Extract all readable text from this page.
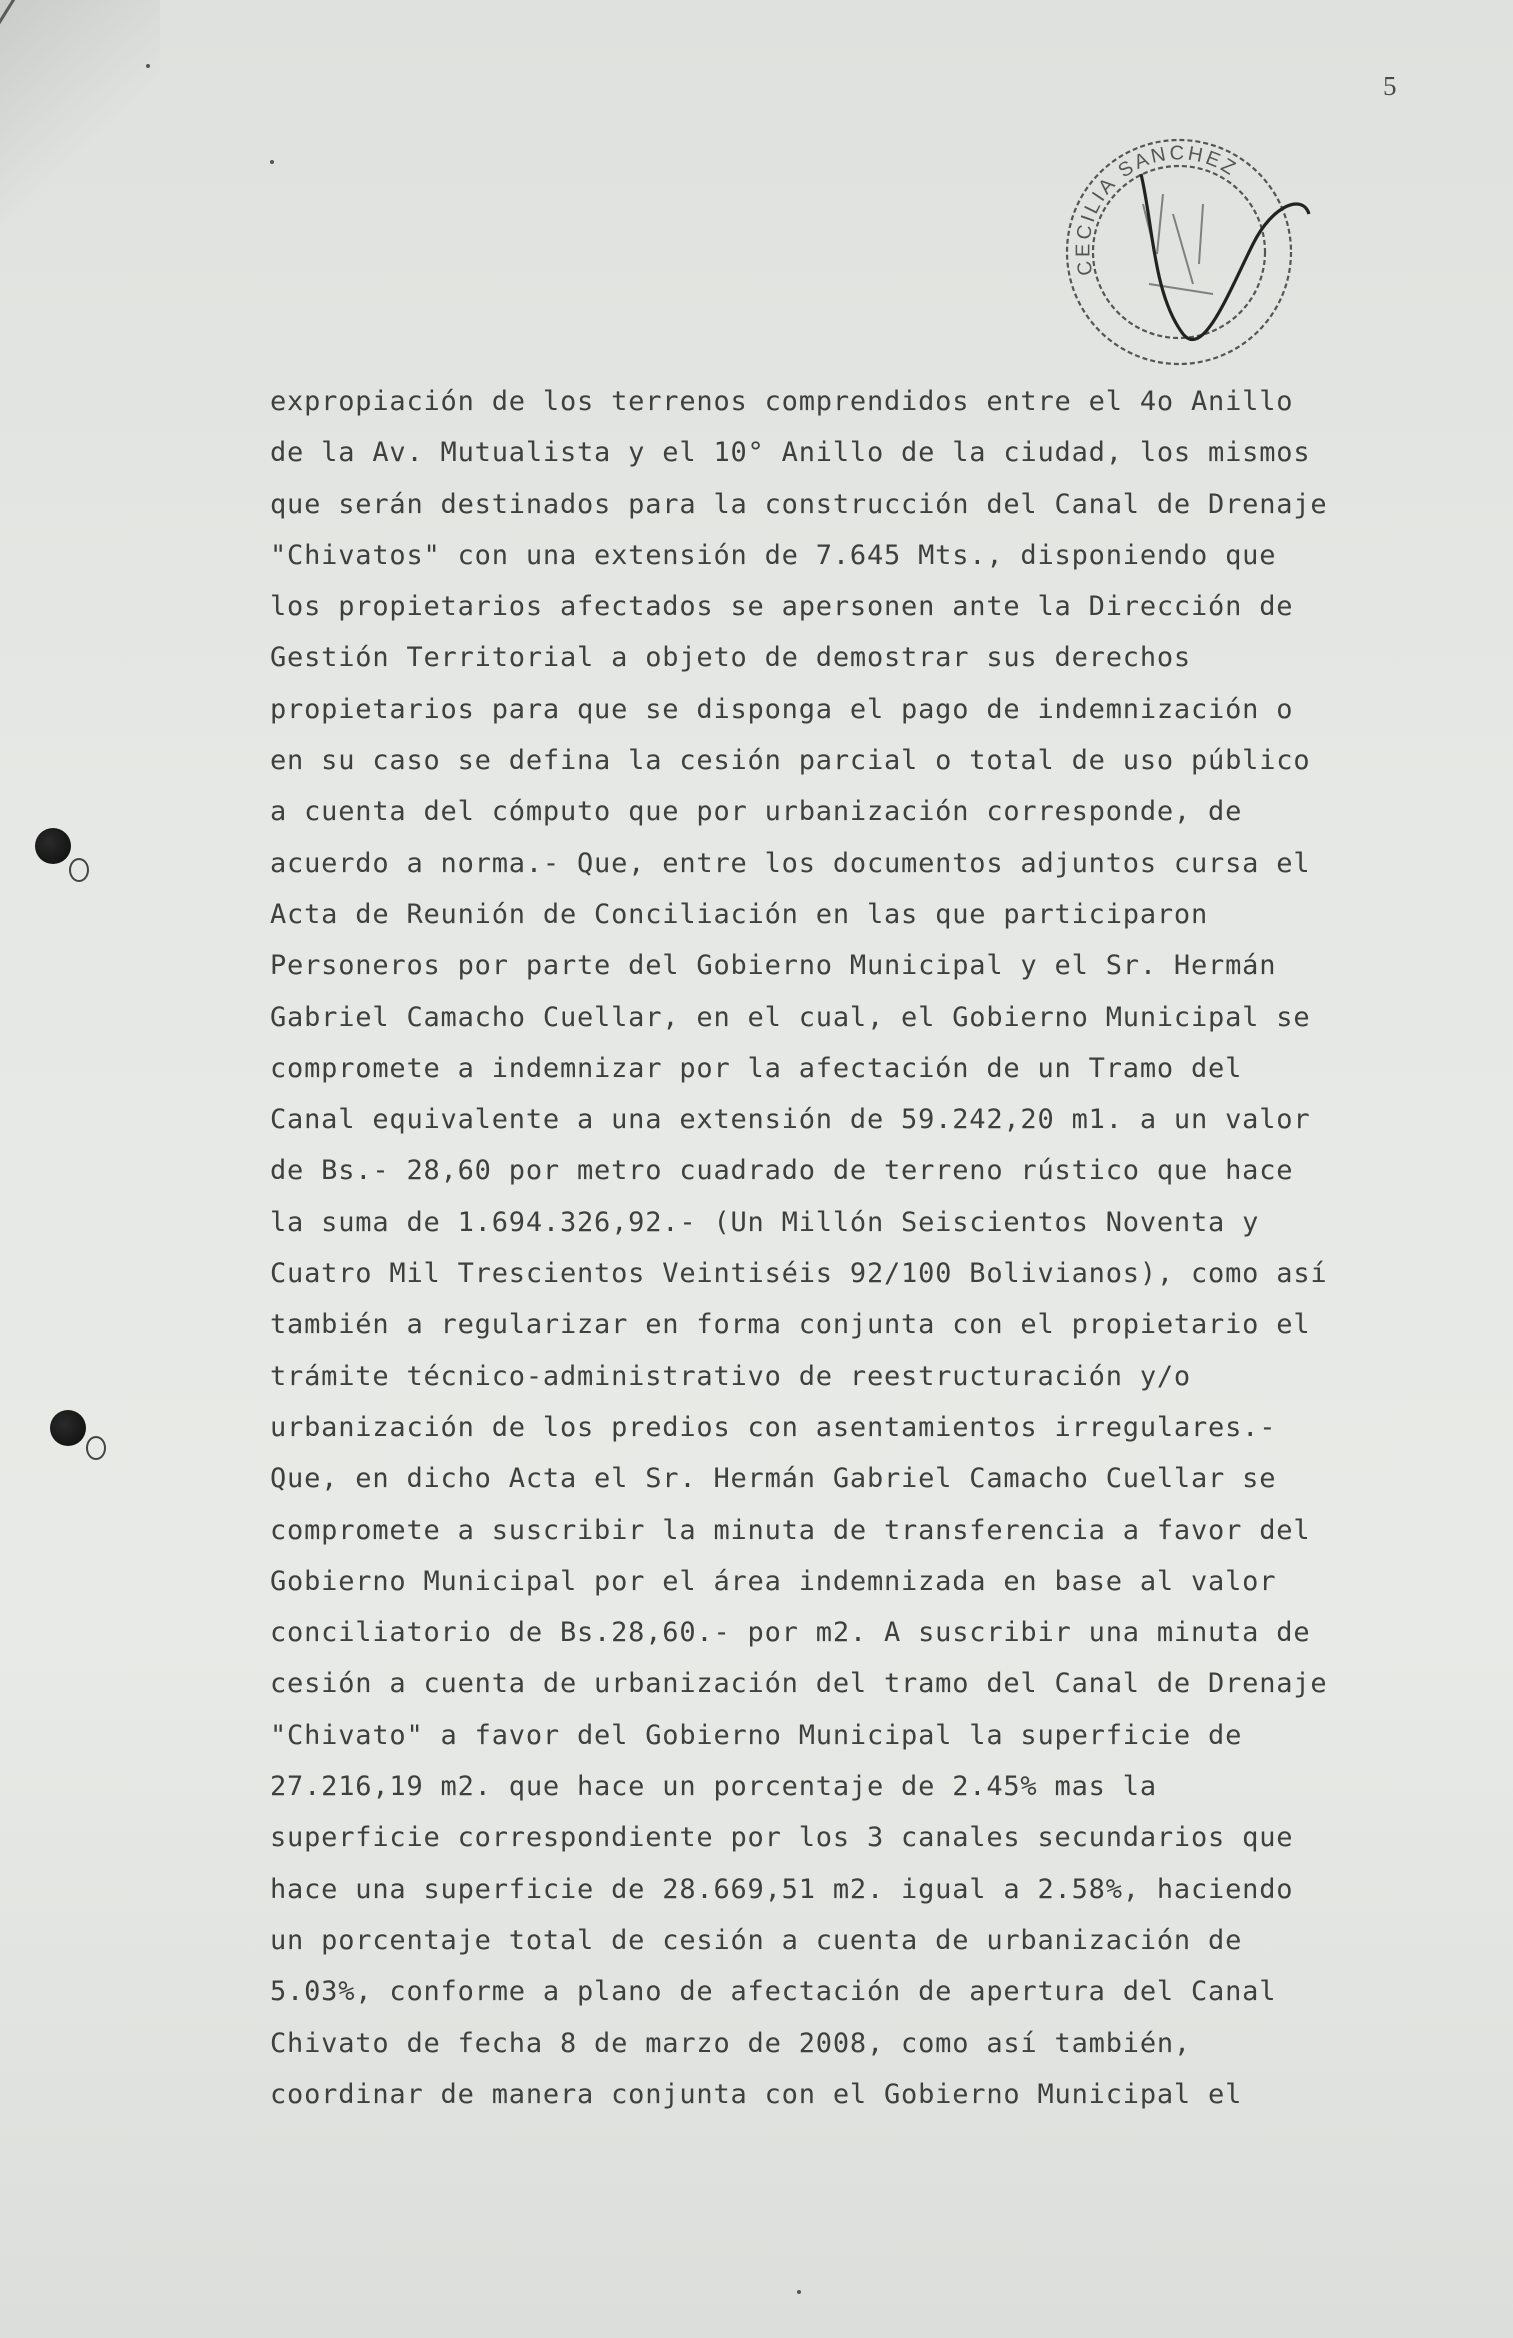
5
CECILIA SANCHEZ
expropiación de los terrenos comprendidos entre el 4o Anillo
de la Av. Mutualista y el 10° Anillo de la ciudad, los mismos
que serán destinados para la construcción del Canal de Drenaje
"Chivatos" con una extensión de 7.645 Mts., disponiendo que
los propietarios afectados se apersonen ante la Dirección de
Gestión Territorial a objeto de demostrar sus derechos
propietarios para que se disponga el pago de indemnización o
en su caso se defina la cesión parcial o total de uso público
a cuenta del cómputo que por urbanización corresponde, de
acuerdo a norma.- Que, entre los documentos adjuntos cursa el
Acta de Reunión de Conciliación en las que participaron
Personeros por parte del Gobierno Municipal y el Sr. Hermán
Gabriel Camacho Cuellar, en el cual, el Gobierno Municipal se
compromete a indemnizar por la afectación de un Tramo del
Canal equivalente a una extensión de 59.242,20 m1. a un valor
de Bs.- 28,60 por metro cuadrado de terreno rústico que hace
la suma de 1.694.326,92.- (Un Millón Seiscientos Noventa y
Cuatro Mil Trescientos Veintiséis 92/100 Bolivianos), como así
también a regularizar en forma conjunta con el propietario el
trámite técnico-administrativo de reestructuración y/o
urbanización de los predios con asentamientos irregulares.-
Que, en dicho Acta el Sr. Hermán Gabriel Camacho Cuellar se
compromete a suscribir la minuta de transferencia a favor del
Gobierno Municipal por el área indemnizada en base al valor
conciliatorio de Bs.28,60.- por m2. A suscribir una minuta de
cesión a cuenta de urbanización del tramo del Canal de Drenaje
"Chivato" a favor del Gobierno Municipal la superficie de
27.216,19 m2. que hace un porcentaje de 2.45% mas la
superficie correspondiente por los 3 canales secundarios que
hace una superficie de 28.669,51 m2. igual a 2.58%, haciendo
un porcentaje total de cesión a cuenta de urbanización de
5.03%, conforme a plano de afectación de apertura del Canal
Chivato de fecha 8 de marzo de 2008, como así también,
coordinar de manera conjunta con el Gobierno Municipal el
